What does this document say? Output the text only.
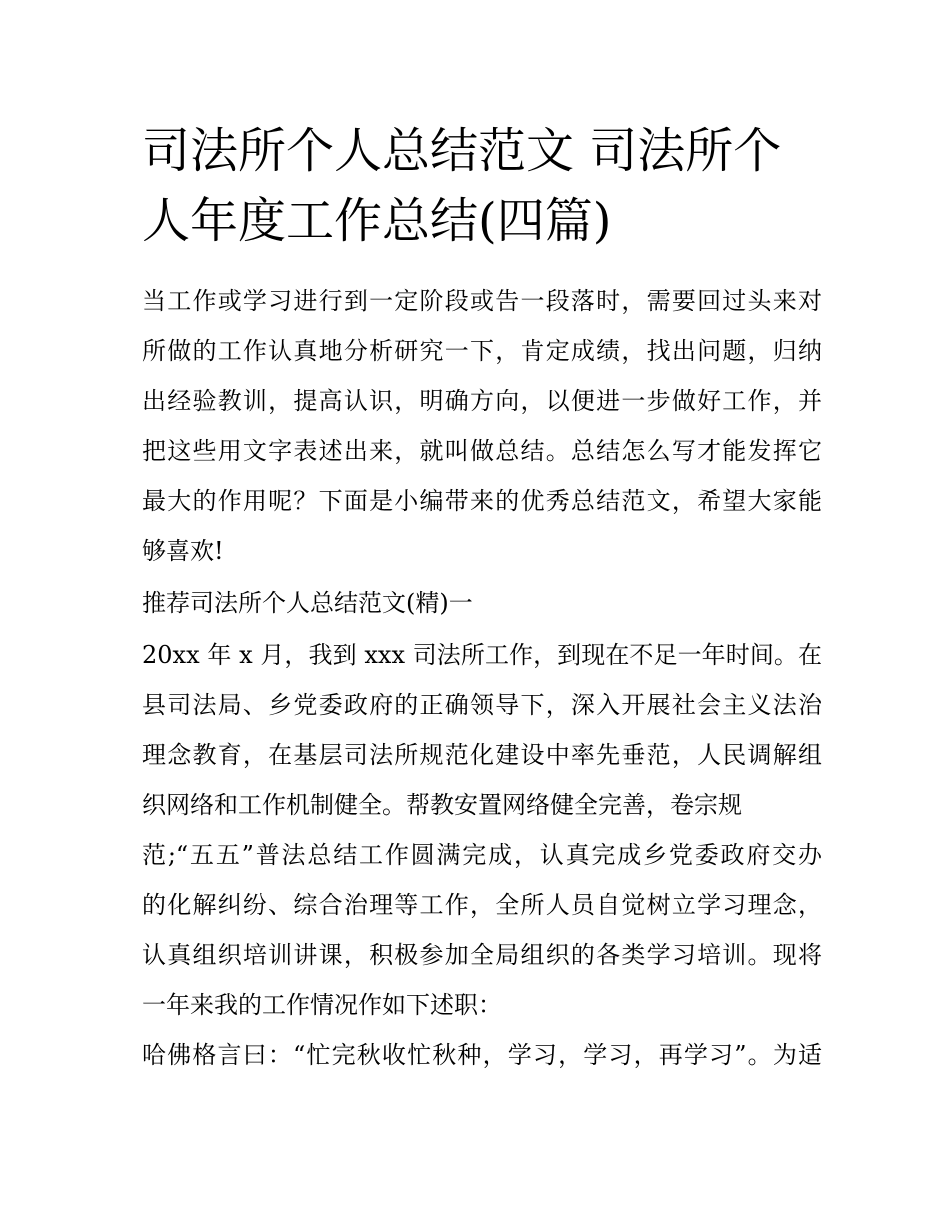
司法所个人总结范文 司法所个
人年度工作总结(四篇)

当工作或学习进行到一定阶段或告一段落时，需要回过头来对

所做的工作认真地分析研究一下，肯定成绩，找出问题，归纳

出经验教训，提高认识，明确方向，以便进一步做好工作，并

把这些用文字表述出来，就叫做总结。总结怎么写才能发挥它

最大的作用呢？下面是小编带来的优秀总结范文，希望大家能

够喜欢!

推荐司法所个人总结范文(精)一

20xx 年 x 月，我到 xxx 司法所工作，到现在不足一年时间。在

县司法局、乡党委政府的正确领导下，深入开展社会主义法治

理念教育，在基层司法所规范化建设中率先垂范，人民调解组

织网络和工作机制健全。帮教安置网络健全完善，卷宗规

范;“五五”普法总结工作圆满完成，认真完成乡党委政府交办

的化解纠纷、综合治理等工作，全所人员自觉树立学习理念，

认真组织培训讲课，积极参加全局组织的各类学习培训。现将

一年来我的工作情况作如下述职：

哈佛格言曰：“忙完秋收忙秋种，学习，学习，再学习”。为适
